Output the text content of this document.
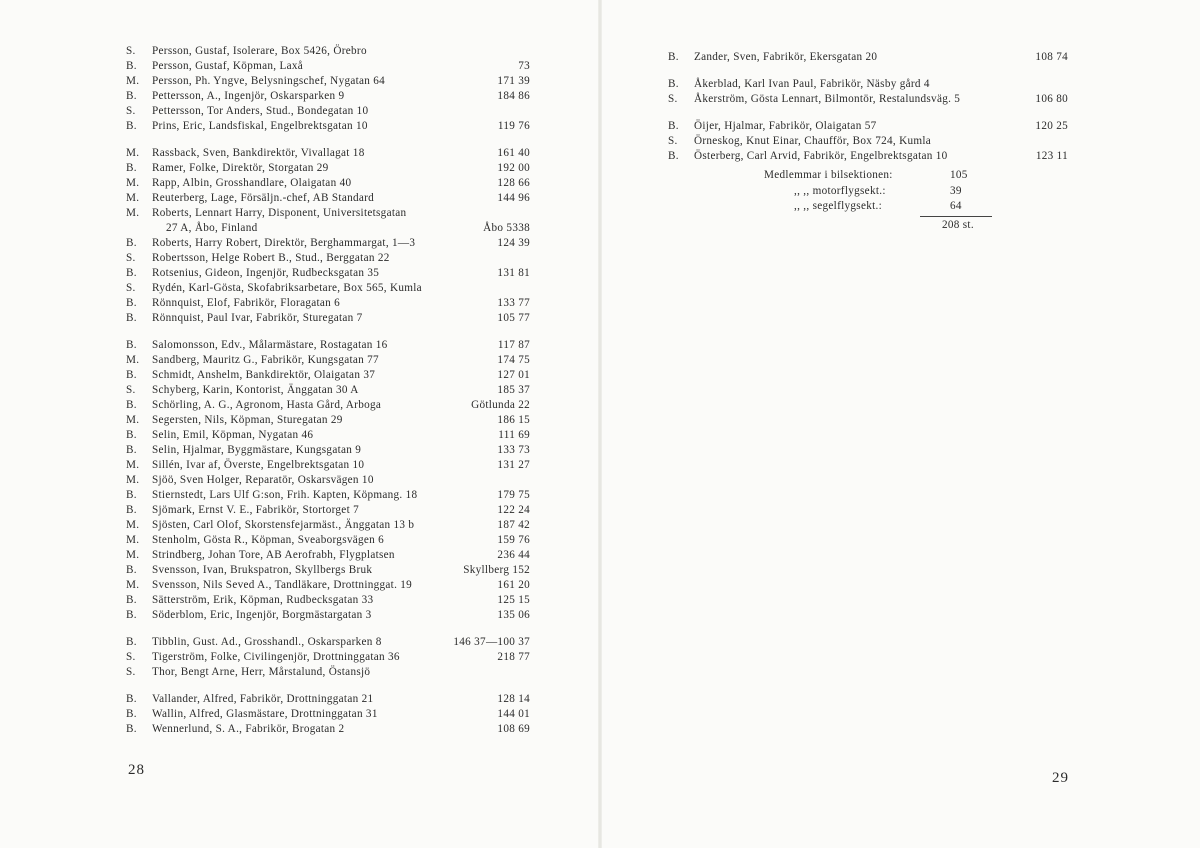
S.	Persson, Gustaf, Isolerare, Box 5426, Örebro
B.	Persson, Gustaf, Köpman, Laxå	73
M.	Persson, Ph. Yngve, Belysningschef, Nygatan 64	171 39
B.	Pettersson, A., Ingenjör, Oskarsparken 9	184 86
S.	Pettersson, Tor Anders, Stud., Bondegatan 10
B.	Prins, Eric, Landsfiskal, Engelbrektsgatan 10	119 76
M.	Rassback, Sven, Bankdirektör, Vivallagat 18	161 40
B.	Ramer, Folke, Direktör, Storgatan 29	192 00
M.	Rapp, Albin, Grosshandlare, Olaigatan 40	128 66
M.	Reuterberg, Lage, Försäljn.-chef, AB Standard	144 96
M.	Roberts, Lennart Harry, Disponent, Universitetsgatan
27 A, Åbo, Finland	Åbo 5338
B.	Roberts, Harry Robert, Direktör, Berghammargat, 1—3	124 39
S.	Robertsson, Helge Robert B., Stud., Berggatan 22
B.	Rotsenius, Gideon, Ingenjör, Rudbecksgatan 35	131 81
S.	Rydén, Karl-Gösta, Skofabriksarbetare, Box 565, Kumla
B.	Rönnquist, Elof, Fabrikör, Floragatan 6	133 77
B.	Rönnquist, Paul Ivar, Fabrikör, Sturegatan 7	105 77
B.	Salomonsson, Edv., Målarmästare, Rostagatan 16	117 87
M.	Sandberg, Mauritz G., Fabrikör, Kungsgatan 77	174 75
B.	Schmidt, Anshelm, Bankdirektör, Olaigatan 37	127 01
S.	Schyberg, Karin, Kontorist, Änggatan 30 A	185 37
B.	Schörling, A. G., Agronom, Hasta Gård, Arboga	Götlunda 22
M.	Segersten, Nils, Köpman, Sturegatan 29	186 15
B.	Selin, Emil, Köpman, Nygatan 46	111 69
B.	Selin, Hjalmar, Byggmästare, Kungsgatan 9	133 73
M.	Sillén, Ivar af, Överste, Engelbrektsgatan 10	131 27
M.	Sjöö, Sven Holger, Reparatör, Oskarsvägen 10
B.	Stiernstedt, Lars Ulf G:son, Frih. Kapten, Köpmang. 18	179 75
B.	Sjömark, Ernst V. E., Fabrikör, Stortorget 7	122 24
M.	Sjösten, Carl Olof, Skorstensfejarmäst., Änggatan 13 b	187 42
M.	Stenholm, Gösta R., Köpman, Sveaborgsvägen 6	159 76
M.	Strindberg, Johan Tore, AB Aerofrabh, Flygplatsen	236 44
B.	Svensson, Ivan, Brukspatron, Skyllbergs Bruk	Skyllberg 152
M.	Svensson, Nils Seved A., Tandläkare, Drottninggat. 19	161 20
B.	Sätterström, Erik, Köpman, Rudbecksgatan 33	125 15
B.	Söderblom, Eric, Ingenjör, Borgmästargatan 3	135 06
B.	Tibblin, Gust. Ad., Grosshandl., Oskarsparken 8	146 37—100 37
S.	Tigerström, Folke, Civilingenjör, Drottninggatan 36	218 77
S.	Thor, Bengt Arne, Herr, Mårstalund, Östansjö
B.	Vallander, Alfred, Fabrikör, Drottninggatan 21	128 14
B.	Wallin, Alfred, Glasmästare, Drottninggatan 31	144 01
B.	Wennerlund, S. A., Fabrikör, Brogatan 2	108 69
28
B.	Zander, Sven, Fabrikör, Ekersgatan 20	108 74
B.	Åkerblad, Karl Ivan Paul, Fabrikör, Näsby gård 4
S.	Åkerström, Gösta Lennart, Bilmontör, Restalundsväg. 5	106 80
B.	Öijer, Hjalmar, Fabrikör, Olaigatan 57	120 25
S.	Örneskog, Knut Einar, Chaufför, Box 724, Kumla
B.	Österberg, Carl Arvid, Fabrikör, Engelbrektsgatan 10	123 11
Medlemmar i bilsektionen:	105
,, ,, motorflygsekt.:	39
,, ,, segelflygsekt.:	64
208 st.
29
